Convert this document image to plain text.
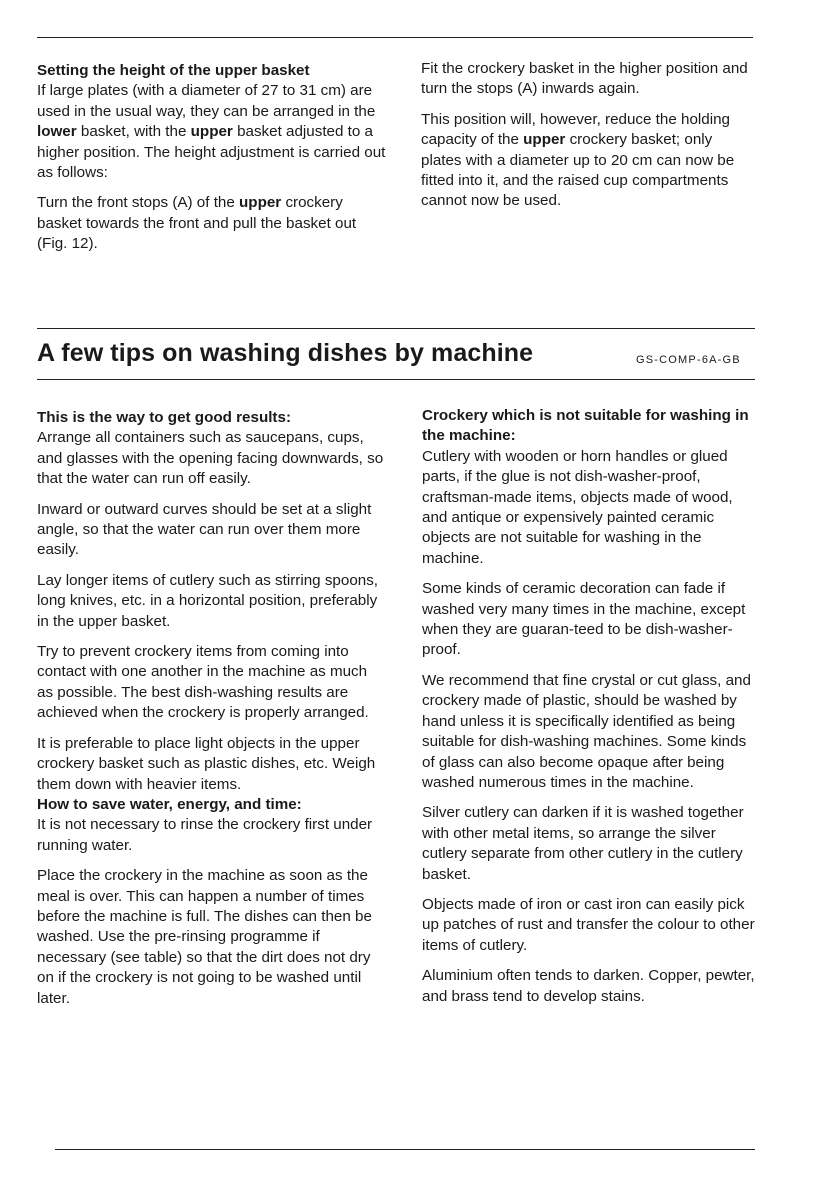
Setting the height of the upper basket
If large plates (with a diameter of 27 to 31 cm) are used in the usual way, they can be arranged in the lower basket, with the upper basket adjusted to a higher position. The height adjustment is carried out as follows:

Turn the front stops (A) of the upper crockery basket towards the front and pull the basket out (Fig. 12).

Fit the crockery basket in the higher position and turn the stops (A) inwards again.

This position will, however, reduce the holding capacity of the upper crockery basket; only plates with a diameter up to 20 cm can now be fitted into it, and the raised cup compartments cannot now be used.

A few tips on washing dishes by machine	GS-COMP-6A-GB

This is the way to get good results:
Arrange all containers such as saucepans, cups, and glasses with the opening facing downwards, so that the water can run off easily.

Inward or outward curves should be set at a slight angle, so that the water can run over them more easily.

Lay longer items of cutlery such as stirring spoons, long knives, etc. in a horizontal position, preferably in the upper basket.

Try to prevent crockery items from coming into contact with one another in the machine as much as possible. The best dish-washing results are achieved when the crockery is properly arranged.

It is preferable to place light objects in the upper crockery basket such as plastic dishes, etc. Weigh them down with heavier items.
How to save water, energy, and time:
It is not necessary to rinse the crockery first under running water.

Place the crockery in the machine as soon as the meal is over. This can happen a number of times before the machine is full. The dishes can then be washed. Use the pre-rinsing programme if necessary (see table) so that the dirt does not dry on if the crockery is not going to be washed until later.

Crockery which is not suitable for washing in the machine:
Cutlery with wooden or horn handles or glued parts, if the glue is not dish-washer-proof, craftsman-made items, objects made of wood, and antique or expensively painted ceramic objects are not suitable for washing in the machine.

Some kinds of ceramic decoration can fade if washed very many times in the machine, except when they are guaran-teed to be dish-washer-proof.

We recommend that fine crystal or cut glass, and crockery made of plastic, should be washed by hand unless it is specifically identified as being suitable for dish-washing machines. Some kinds of glass can also become opaque after being washed numerous times in the machine.

Silver cutlery can darken if it is washed together with other metal items, so arrange the silver cutlery separate from other cutlery in the cutlery basket.

Objects made of iron or cast iron can easily pick up patches of rust and transfer the colour to other items of cutlery.

Aluminium often tends to darken. Copper, pewter, and brass tend to develop stains.
